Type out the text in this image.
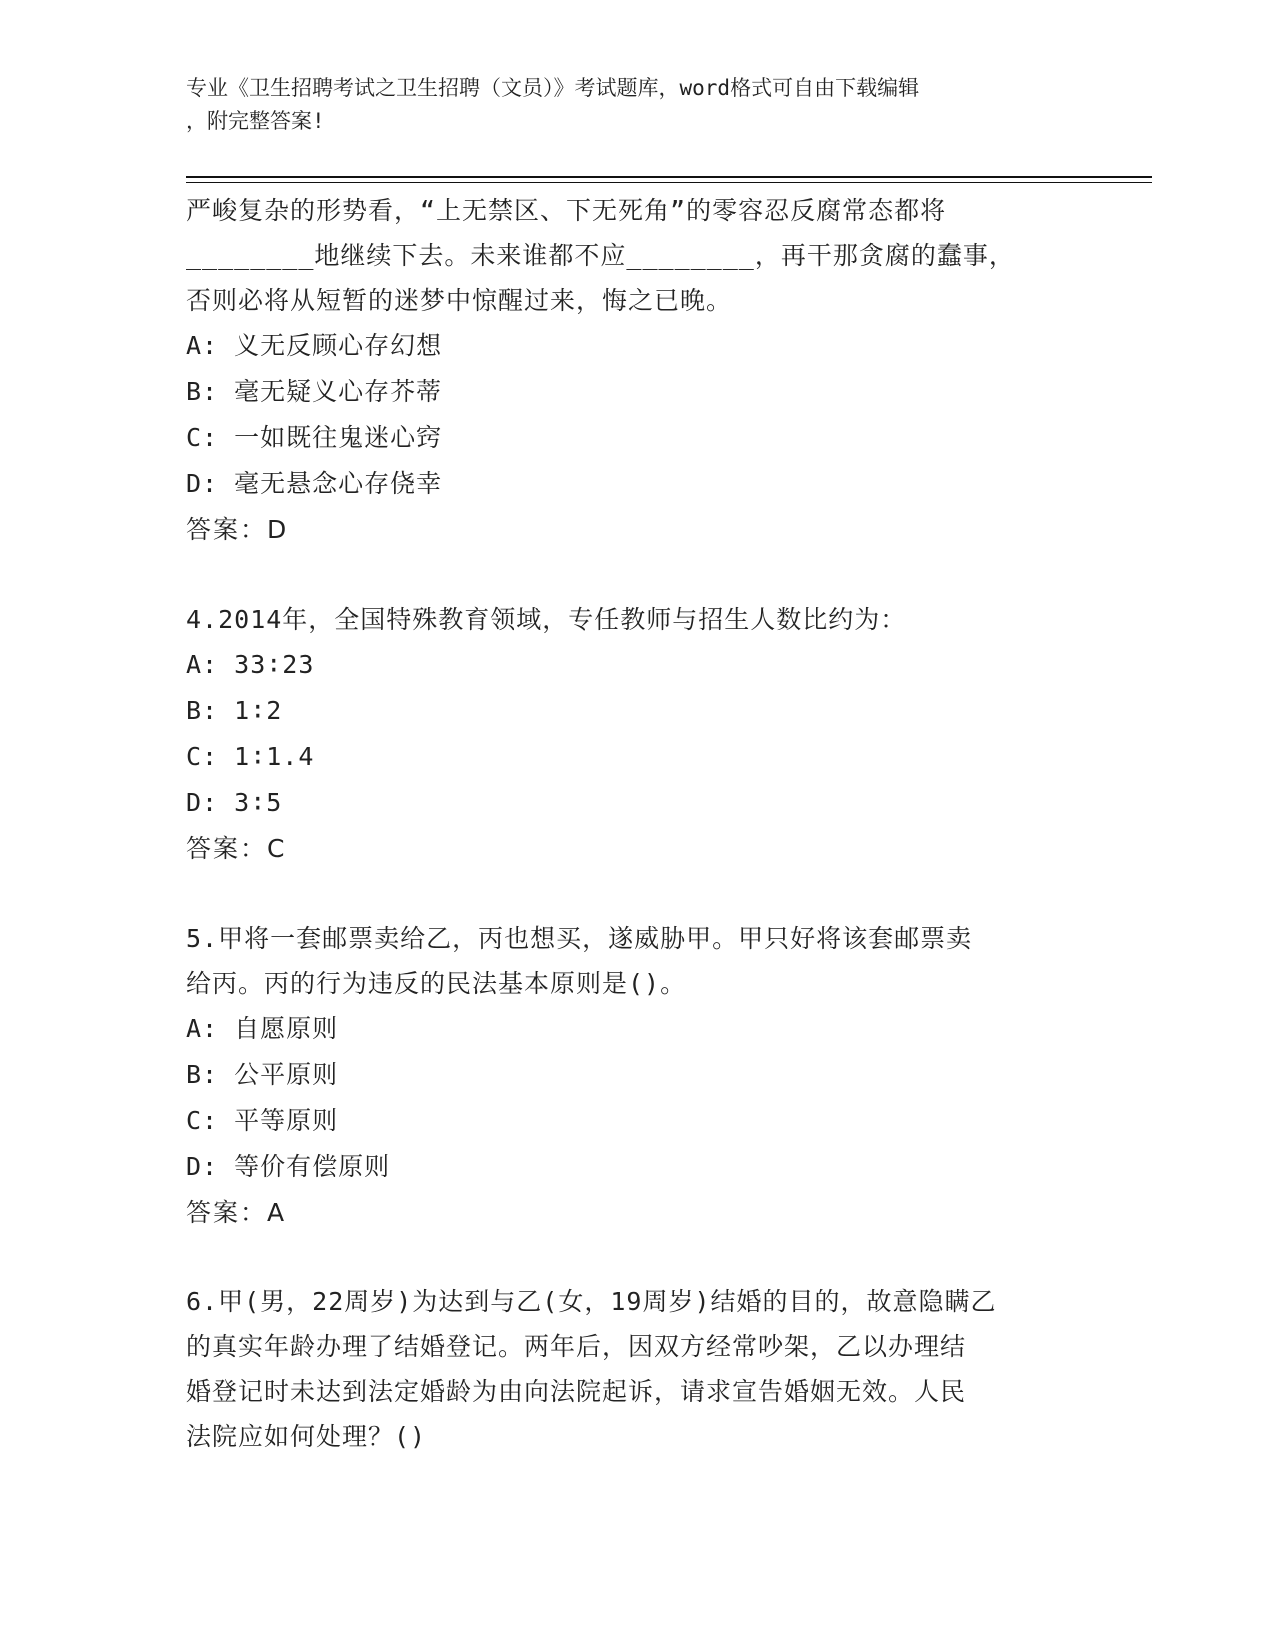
专业《卫生招聘考试之卫生招聘（文员）》考试题库，word格式可自由下载编辑
，附完整答案!
严峻复杂的形势看，“上无禁区、下无死角”的零容忍反腐常态都将
________地继续下去。未来谁都不应________，再干那贪腐的蠢事，
否则必将从短暂的迷梦中惊醒过来，悔之已晚。
A: 义无反顾心存幻想
B: 毫无疑义心存芥蒂
C: 一如既往鬼迷心窍
D: 毫无悬念心存侥幸
答案：D
4.2014年，全国特殊教育领域，专任教师与招生人数比约为：
A: 33∶23
B: 1∶2
C: 1∶1.4
D: 3∶5
答案：C
5.甲将一套邮票卖给乙，丙也想买，遂威胁甲。甲只好将该套邮票卖
给丙。丙的行为违反的民法基本原则是()。
A: 自愿原则
B: 公平原则
C: 平等原则
D: 等价有偿原则
答案：A
6.甲(男，22周岁)为达到与乙(女，19周岁)结婚的目的，故意隐瞒乙
的真实年龄办理了结婚登记。两年后，因双方经常吵架，乙以办理结
婚登记时未达到法定婚龄为由向法院起诉，请求宣告婚姻无效。人民
法院应如何处理？()
